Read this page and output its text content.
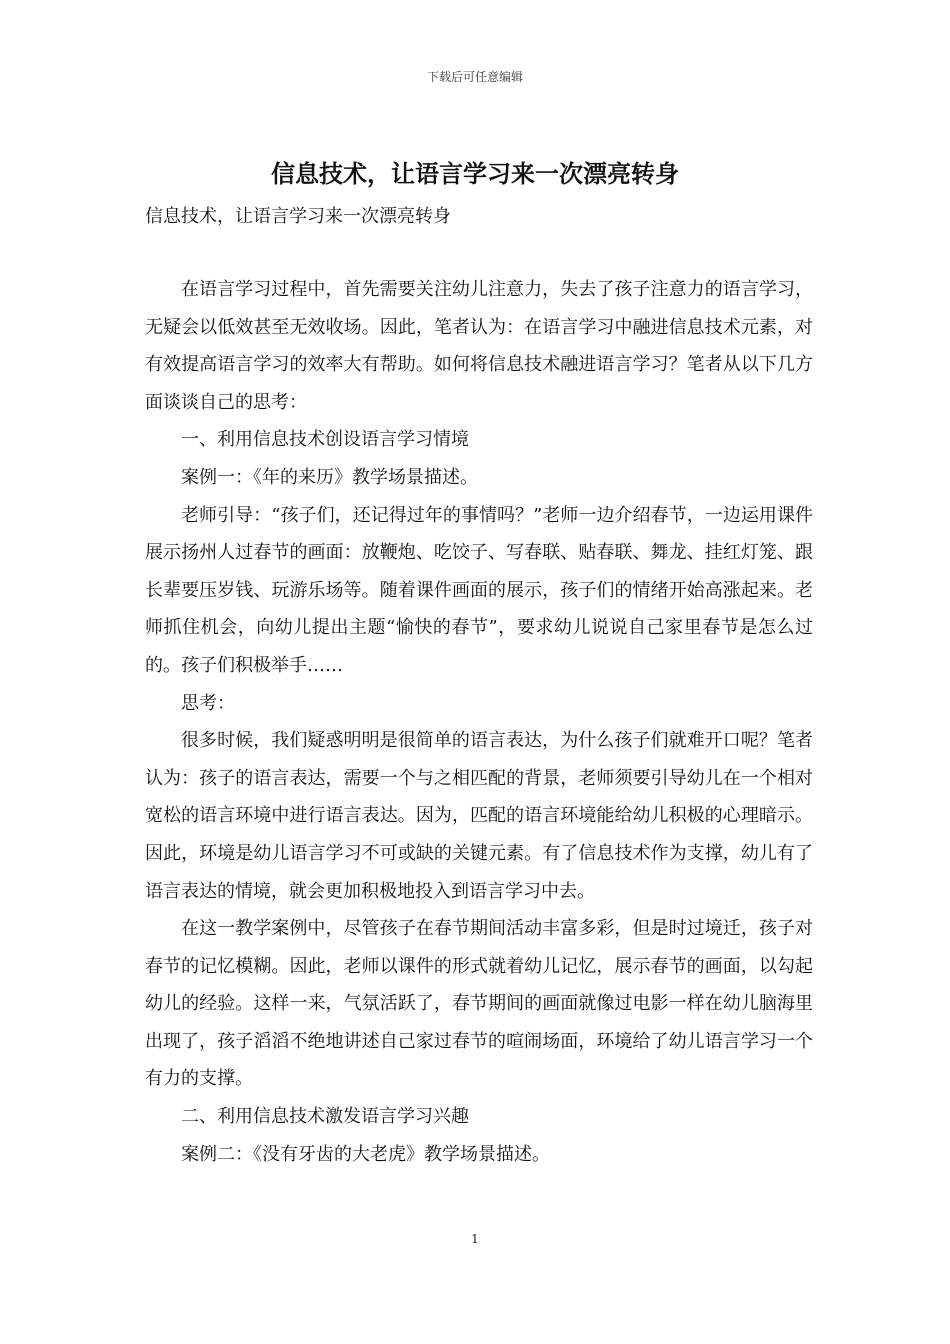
下载后可任意编辑
信息技术，让语言学习来一次漂亮转身
信息技术，让语言学习来一次漂亮转身

在语言学习过程中，首先需要关注幼儿注意力，失去了孩子注意力的语言学习，无疑会以低效甚至无效收场。因此，笔者认为：在语言学习中融进信息技术元素，对有效提高语言学习的效率大有帮助。如何将信息技术融进语言学习？笔者从以下几方面谈谈自己的思考：

一、利用信息技术创设语言学习情境

案例一：《年的来历》教学场景描述。

老师引导：“孩子们，还记得过年的事情吗？”老师一边介绍春节，一边运用课件展示扬州人过春节的画面：放鞭炮、吃饺子、写春联、贴春联、舞龙、挂红灯笼、跟长辈要压岁钱、玩游乐场等。随着课件画面的展示，孩子们的情绪开始高涨起来。老师抓住机会，向幼儿提出主题“愉快的春节”，要求幼儿说说自己家里春节是怎么过的。孩子们积极举手……

思考：

很多时候，我们疑惑明明是很简单的语言表达，为什么孩子们就难开口呢？笔者认为：孩子的语言表达，需要一个与之相匹配的背景，老师须要引导幼儿在一个相对宽松的语言环境中进行语言表达。因为，匹配的语言环境能给幼儿积极的心理暗示。因此，环境是幼儿语言学习不可或缺的关键元素。有了信息技术作为支撑，幼儿有了语言表达的情境，就会更加积极地投入到语言学习中去。

在这一教学案例中，尽管孩子在春节期间活动丰富多彩，但是时过境迁，孩子对春节的记忆模糊。因此，老师以课件的形式就着幼儿记忆，展示春节的画面，以勾起幼儿的经验。这样一来，气氛活跃了，春节期间的画面就像过电影一样在幼儿脑海里出现了，孩子滔滔不绝地讲述自己家过春节的喧闹场面，环境给了幼儿语言学习一个有力的支撑。

二、利用信息技术激发语言学习兴趣

案例二：《没有牙齿的大老虎》教学场景描述。

1
